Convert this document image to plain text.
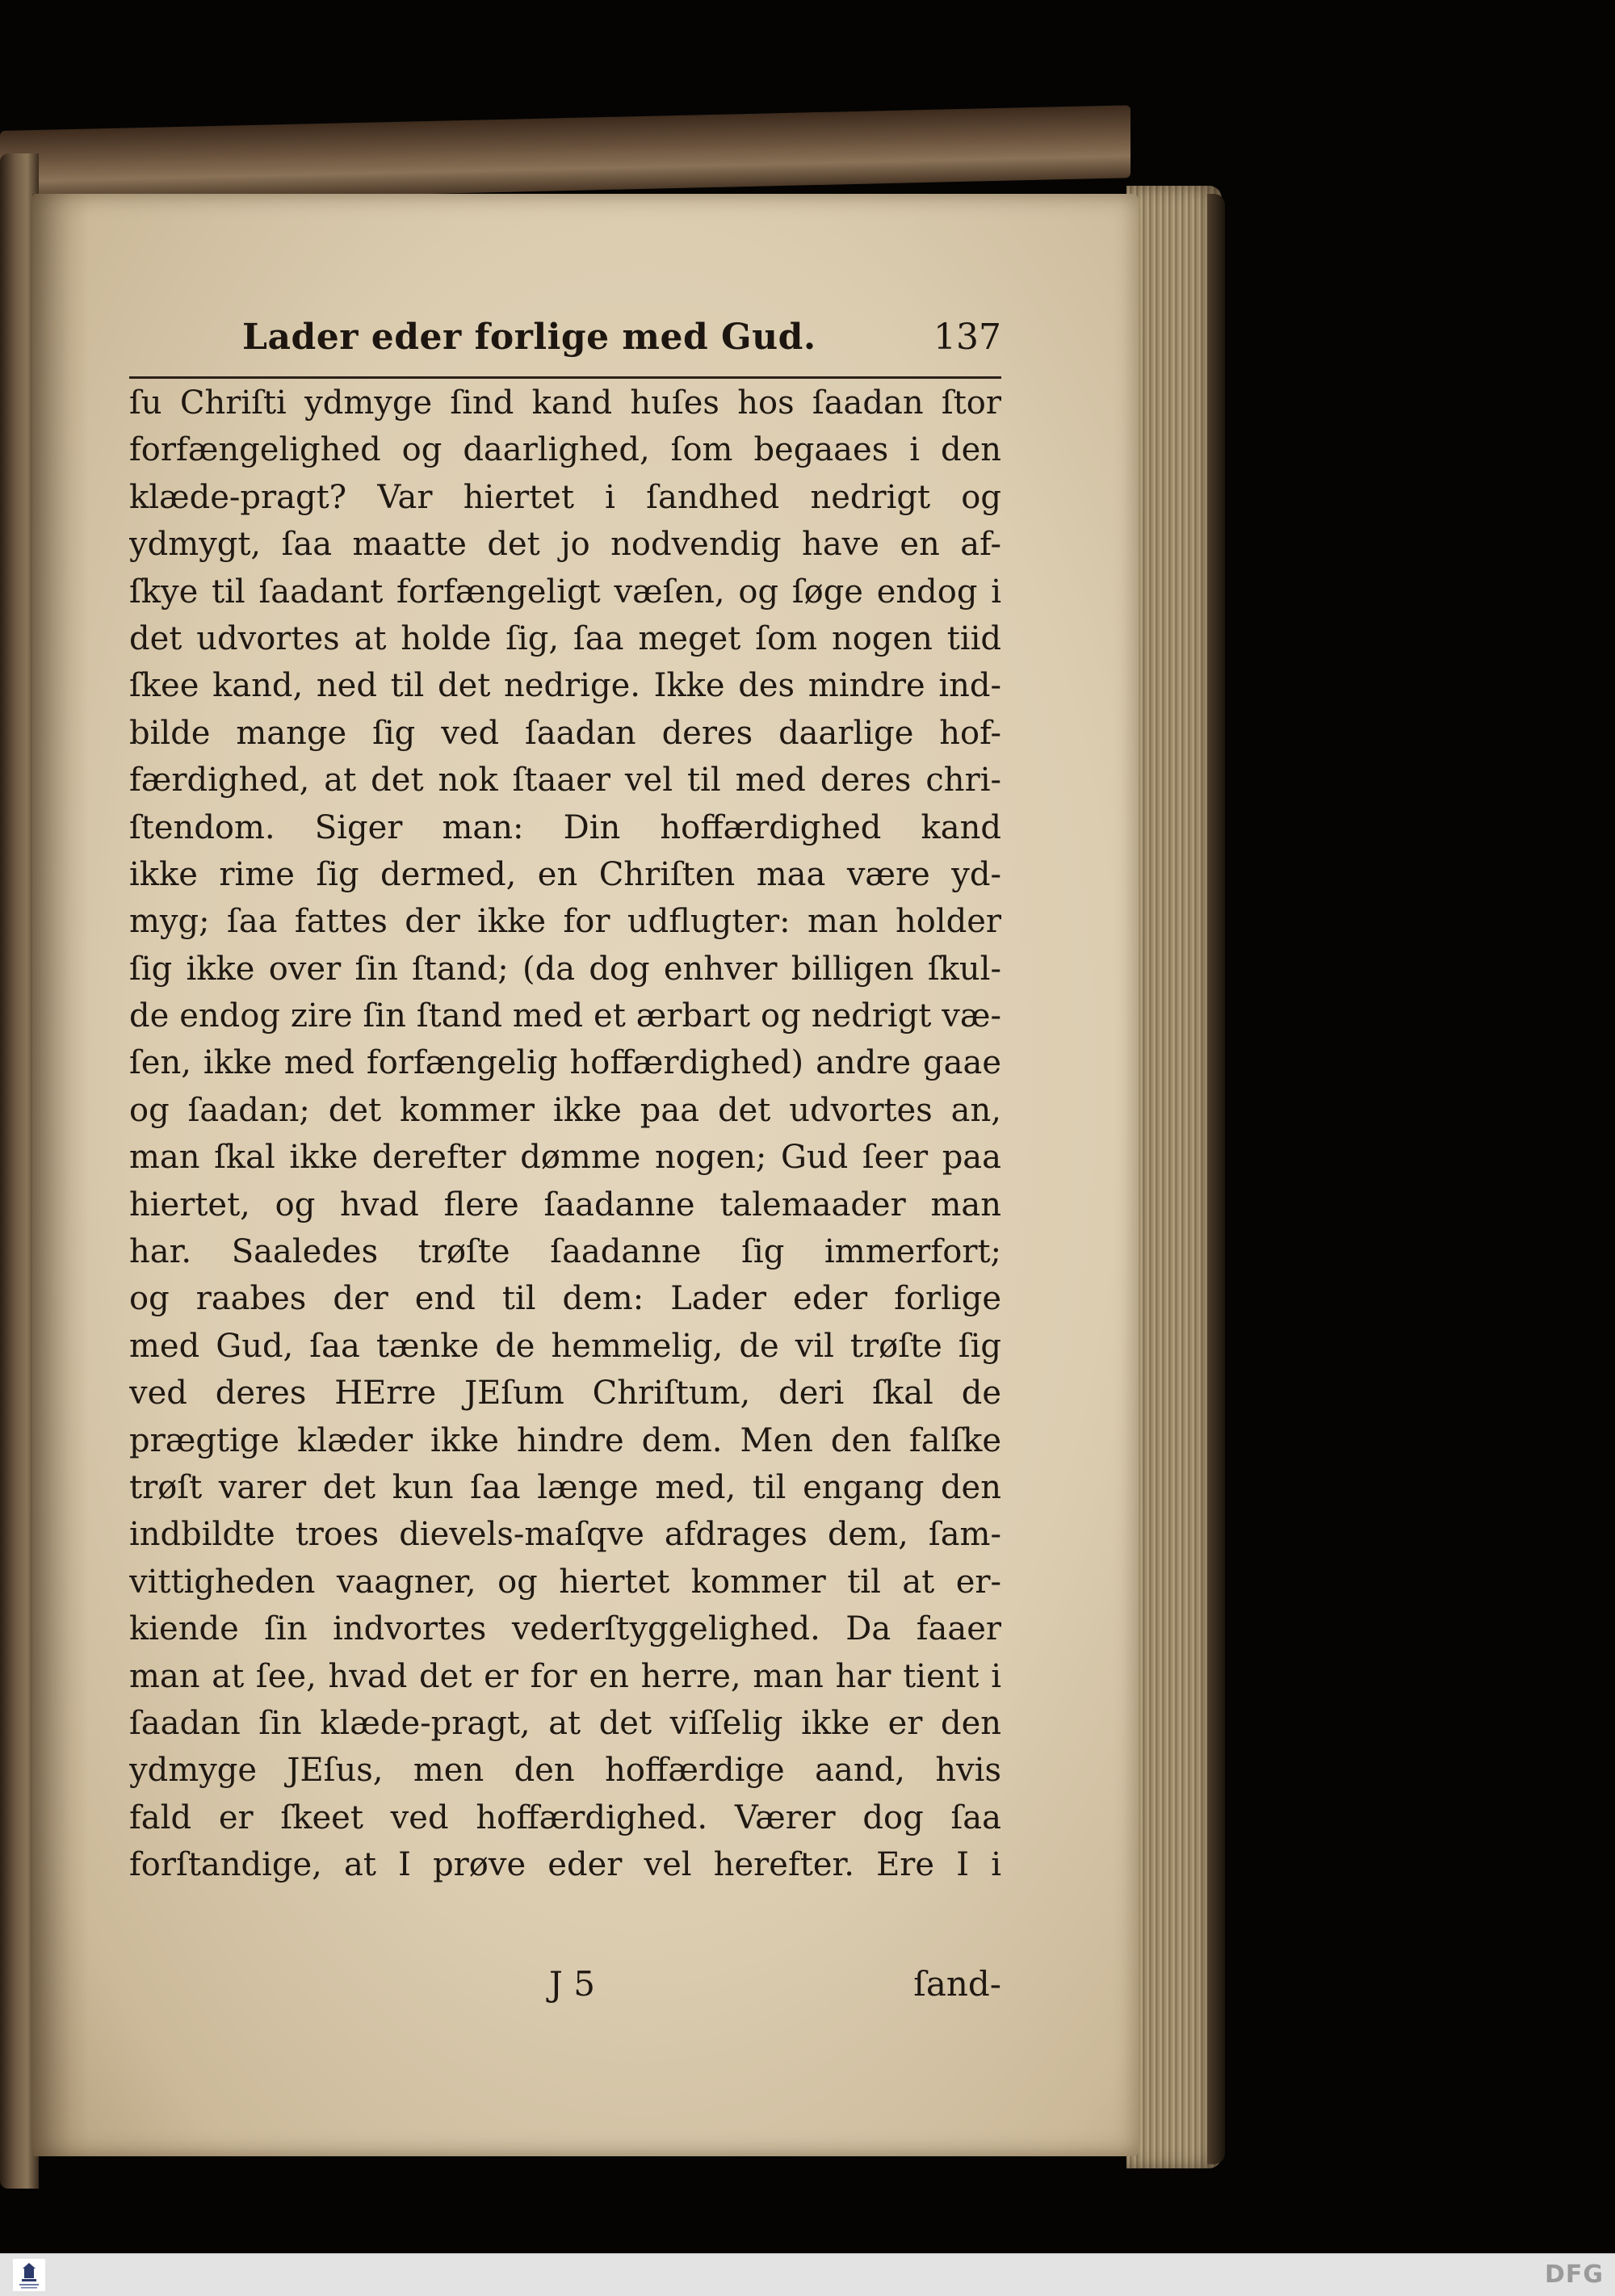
Lader eder forlige med Gud.	137
ſu Chriſti ydmyge ſind kand huſes hos ſaadan ſtor
forfængelighed og daarlighed, ſom begaaes i den
klæde-pragt? Var hiertet i ſandhed nedrigt og
ydmygt, ſaa maatte det jo nodvendig have en af-
ſkye til ſaadant forfængeligt væſen, og ſøge endog i
det udvortes at holde ſig, ſaa meget ſom nogen tiid
ſkee kand, ned til det nedrige. Ikke des mindre ind-
bilde mange ſig ved ſaadan deres daarlige hof-
færdighed, at det nok ſtaaer vel til med deres chri-
ſtendom. Siger man: Din hoffærdighed kand
ikke rime ſig dermed, en Chriſten maa være yd-
myg; ſaa fattes der ikke for udflugter: man holder
ſig ikke over ſin ſtand; (da dog enhver billigen ſkul-
de endog zire ſin ſtand med et ærbart og nedrigt væ-
ſen, ikke med forfængelig hoffærdighed) andre gaae
og ſaadan; det kommer ikke paa det udvortes an,
man ſkal ikke derefter dømme nogen; Gud ſeer paa
hiertet, og hvad flere ſaadanne talemaader man
har. Saaledes trøſte ſaadanne ſig immerfort;
og raabes der end til dem: Lader eder forlige
med Gud, ſaa tænke de hemmelig, de vil trøſte ſig
ved deres HErre JEſum Chriſtum, deri ſkal de
prægtige klæder ikke hindre dem. Men den falſke
trøſt varer det kun ſaa længe med, til engang den
indbildte troes dievels-maſqve afdrages dem, ſam-
vittigheden vaagner, og hiertet kommer til at er-
kiende ſin indvortes vederſtyggelighed. Da faaer
man at ſee, hvad det er for en herre, man har tient i
ſaadan ſin klæde-pragt, at det viſſelig ikke er den
ydmyge JEſus, men den hoffærdige aand, hvis
fald er ſkeet ved hoffærdighed. Værer dog ſaa
forſtandige, at I prøve eder vel herefter. Ere I i
J 5	ſand-
DFG
